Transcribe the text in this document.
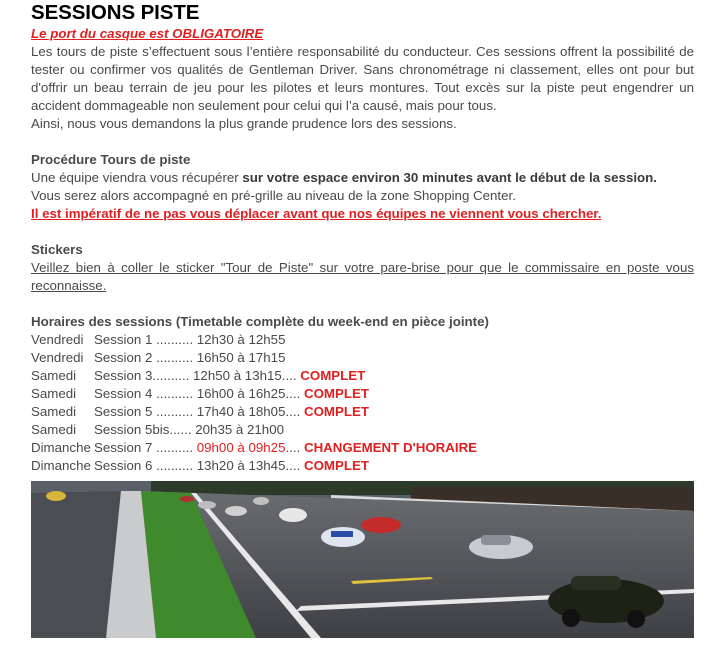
SESSIONS PISTE
Le port du casque est OBLIGATOIRE

Les tours de piste s’effectuent sous l’entière responsabilité du conducteur. Ces sessions offrent la possibilité de tester ou confirmer vos qualités de Gentleman Driver. Sans chronométrage ni classement, elles ont pour but d'offrir un beau terrain de jeu pour les pilotes et leurs montures. Tout excès sur la piste peut engendrer un accident dommageable non seulement pour celui qui l’a causé, mais pour tous.

Ainsi, nous vous demandons la plus grande prudence lors des sessions.

Procédure Tours de piste

Une équipe viendra vous récupérer sur votre espace environ 30 minutes avant le début de la session.

Vous serez alors accompagné en pré-grille au niveau de la zone Shopping Center.

Il est impératif de ne pas vous déplacer avant que nos équipes ne viennent vous chercher.

Stickers

Veillez bien à coller le sticker "Tour de Piste" sur votre pare-brise pour que le commissaire en poste vous reconnaisse.

Horaires des sessions (Timetable complète du week-end en pièce jointe)

Vendredi Session 1 .......... 12h30 à 12h55
Vendredi Session 2 .......... 16h50 à 17h15
Samedi Session 3.......... 12h50 à 13h15.... COMPLET
Samedi Session 4 .......... 16h00 à 16h25.... COMPLET
Samedi Session 5 .......... 17h40 à 18h05.... COMPLET
Samedi Session 5bis...... 20h35 à 21h00
Dimanche Session 7 .......... 09h00 à 09h25.... CHANGEMENT D'HORAIRE
Dimanche Session 6 .......... 13h20 à 13h45.... COMPLET
